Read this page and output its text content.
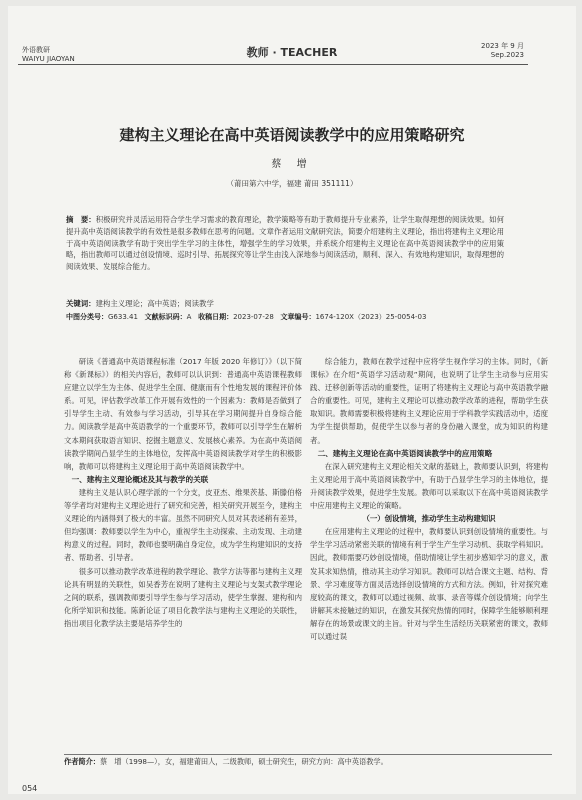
外语教研
WAIYU JIAOYAN	教师 · TEACHER	2023 年 9 月
Sep.2023
建构主义理论在高中英语阅读教学中的应用策略研究
蔡 增
（莆田第六中学，福建 莆田 351111）
摘　要：积极研究并灵活运用符合学生学习需求的教育理论，教学策略等有助于教师提升专业素养，让学生取得理想的阅读效果。如何提升高中英语阅读教学的有效性是很多教师在思考的问题。文章作者运用文献研究法，简要介绍建构主义理论，指出将建构主义理论用于高中英语阅读教学有助于突出学生学习的主体性，增强学生的学习效果，并系统介绍建构主义理论在高中英语阅读教学中的应用策略，指出教师可以通过创设情境、巡时引导、拓展探究等让学生由浅入深地参与阅读活动，顺利、深入、有效地构建知识，取得理想的阅读效果、发展综合能力。
关键词：建构主义理论；高中英语；阅读教学
中图分类号：G633.41 文献标识码：A 收稿日期：2023-07-28 文章编号：1674-120X（2023）25-0054-03

研读《普通高中英语课程标准（2017 年版 2020 年修订）》（以下简称《新课标》）的相关内容后，教师可以认识到：普通高中英语课程教师应建立以学生为主体、促进学生全面、健康而有个性地发展的课程评价体系。可见，评估教学改革工作开展有效性的一个因素为：教师是否做到了引导学生主动、有效参与学习活动，引导其在学习期间提升自身综合能力。阅读教学是高中英语教学的一个重要环节，教师可以引导学生在解析文本期间获取语言知识、挖掘主题意义、发展核心素养。为在高中英语阅读教学期间凸显学生的主体地位，发挥高中英语阅读教学对学生的积极影响，教师可以将建构主义理论用于高中英语阅读教学中。

一、建构主义理论概述及其与教学的关联

建构主义是认识心理学派的一个分支，皮亚杰、维果茨基、斯滕伯格等学者均对建构主义理论进行了研究和完善，相关研究开展至今，建构主义理论的内涵得到了极大的丰富。虽然不同研究人员对其表述稍有差异，但均强调：教师要以学生为中心，重视学生主动探索、主动发现、主动建构意义的过程。同时，教师也要明确自身定位，成为学生构建知识的支持者、帮助者、引导者。

很多可以推动教学改革进程的教学理论、教学方法等都与建构主义理论具有明显的关联性，如吴香芳在说明了建构主义理论与支架式教学理论之间的联系，强调教师要引导学生参与学习活动，使学生掌握、建构和内化所学知识和技能。陈新论证了项目化教学法与建构主义理论的关联性，指出项目化教学法主要是培养学生的

综合能力，教师在教学过程中应将学生视作学习的主体。同时，《新课标》在介绍“英语学习活动观”期间，也说明了让学生主动参与应用实践、迁移创新等活动的重要性，证明了将建构主义理论与高中英语教学融合的重要性。可见，建构主义理论可以推动教学改革的进程，帮助学生获取知识。教师需要积极将建构主义理论应用于学科教学实践活动中，适度为学生提供帮助，促使学生以参与者的身份融入课堂，成为知识的构建者。

二、建构主义理论在高中英语阅读教学中的应用策略

在深入研究建构主义理论相关文献的基础上，教师要认识到，将建构主义理论用于高中英语阅读教学中，有助于凸显学生学习的主体地位，提升阅读教学效果，促进学生发展。教师可以采取以下在高中英语阅读教学中应用建构主义理论的策略。

（一）创设情境，推动学生主动构建知识

在应用建构主义理论的过程中，教师要认识到创设情境的重要性。与学生学习活动紧密关联的情境有利于学生产生学习动机、获取学科知识。因此，教师需要巧妙创设情境，借助情境让学生初步感知学习的意义，激发其求知热情，推动其主动学习知识。教师可以结合课文主题、结构、背景、学习难度等方面灵活选择创设情境的方式和方法。例如，针对探究难度较高的课文，教师可以通过视频、故事、录音等媒介创设情境；向学生讲解其未接触过的知识，在激发其探究热情的同时，保障学生能够顺利理解存在的场景或课文的主旨。针对与学生生活经历关联紧密的课文，教师可以通过误

作者简介：蔡　增（1998—），女，福建莆田人，二级教师，硕士研究生，研究方向：高中英语教学。
054
